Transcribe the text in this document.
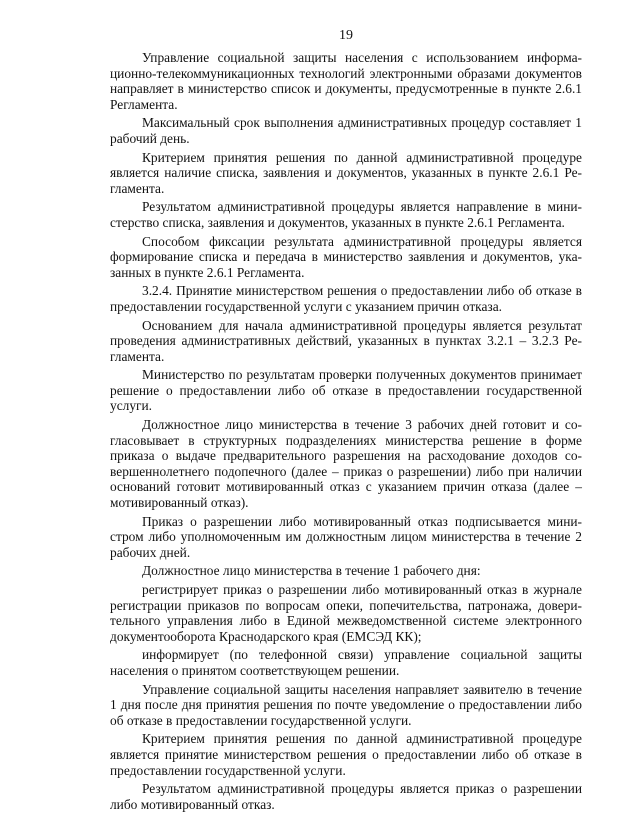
19

Управление социальной защиты населения с использованием информационно-телекоммуникационных технологий электронными образами документов направляет в министерство список и документы, предусмотренные в пункте 2.6.1 Регламента.

Максимальный срок выполнения административных процедур составляет 1 рабочий день.

Критерием принятия решения по данной административной процедуре является наличие списка, заявления и документов, указанных в пункте 2.6.1 Регламента.

Результатом административной процедуры является направление в министерство списка, заявления и документов, указанных в пункте 2.6.1 Регламента.

Способом фиксации результата административной процедуры является формирование списка и передача в министерство заявления и документов, указанных в пункте 2.6.1 Регламента.

3.2.4. Принятие министерством решения о предоставлении либо об отказе в предоставлении государственной услуги с указанием причин отказа.

Основанием для начала административной процедуры является результат проведения административных действий, указанных в пунктах 3.2.1 – 3.2.3 Регламента.

Министерство по результатам проверки полученных документов принимает решение о предоставлении либо об отказе в предоставлении государственной услуги.

Должностное лицо министерства в течение 3 рабочих дней готовит и согласовывает в структурных подразделениях министерства решение в форме приказа о выдаче предварительного разрешения на расходование доходов совершеннолетнего подопечного (далее – приказ о разрешении) либо при наличии оснований готовит мотивированный отказ с указанием причин отказа (далее – мотивированный отказ).

Приказ о разрешении либо мотивированный отказ подписывается министром либо уполномоченным им должностным лицом министерства в течение 2 рабочих дней.

Должностное лицо министерства в течение 1 рабочего дня:

регистрирует приказ о разрешении либо мотивированный отказ в журнале регистрации приказов по вопросам опеки, попечительства, патронажа, доверительного управления либо в Единой межведомственной системе электронного документооборота Краснодарского края (ЕМСЭД КК);

информирует (по телефонной связи) управление социальной защиты населения о принятом соответствующем решении.

Управление социальной защиты населения направляет заявителю в течение 1 дня после дня принятия решения по почте уведомление о предоставлении либо об отказе в предоставлении государственной услуги.

Критерием принятия решения по данной административной процедуре является принятие министерством решения о предоставлении либо об отказе в предоставлении государственной услуги.

Результатом административной процедуры является приказ о разрешении либо мотивированный отказ.
